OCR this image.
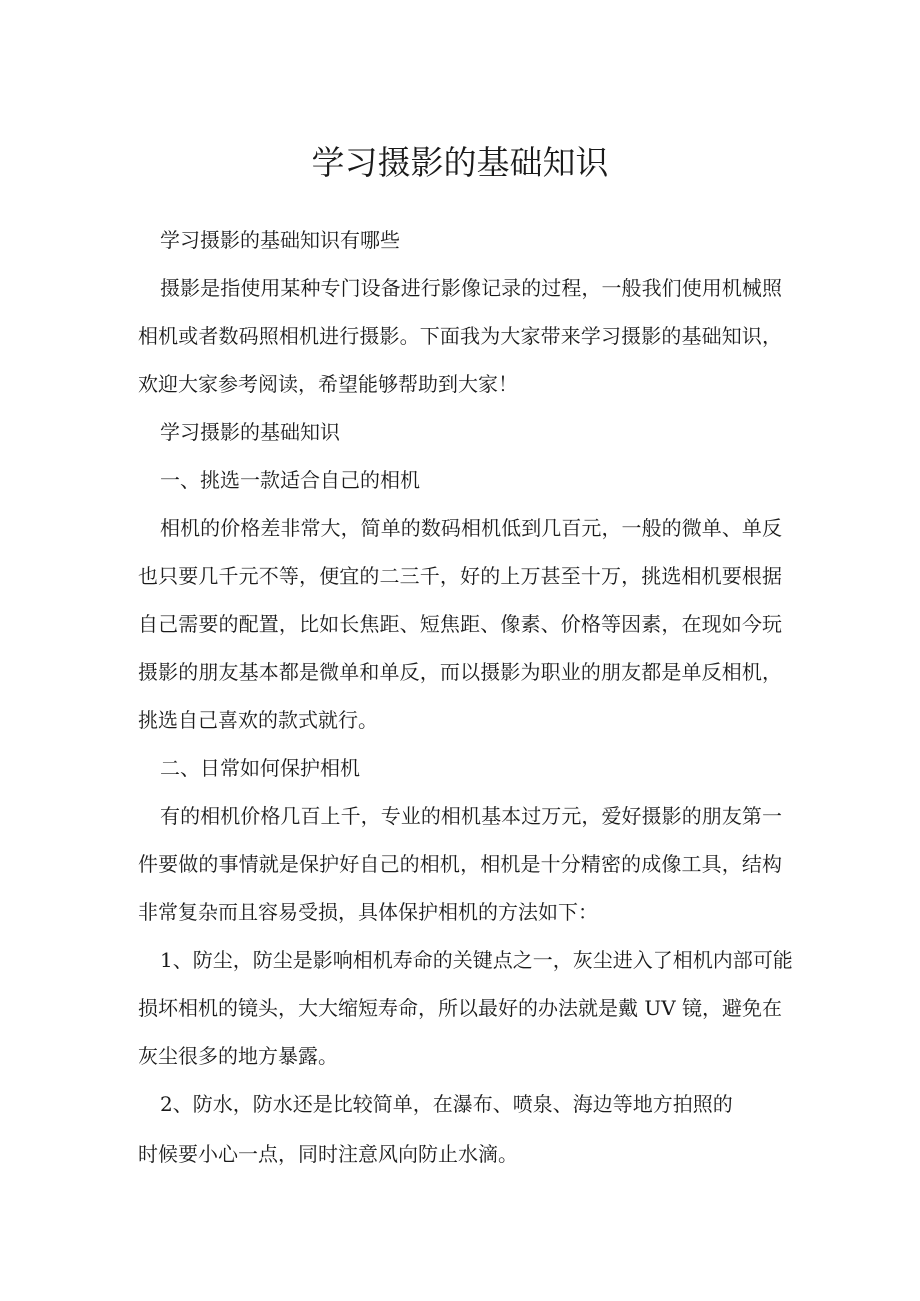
学习摄影的基础知识

学习摄影的基础知识有哪些

摄影是指使用某种专门设备进行影像记录的过程，一般我们使用机械照

相机或者数码照相机进行摄影。下面我为大家带来学习摄影的基础知识，

欢迎大家参考阅读，希望能够帮助到大家！

学习摄影的基础知识

一、挑选一款适合自己的相机

相机的价格差非常大，简单的数码相机低到几百元，一般的微单、单反

也只要几千元不等，便宜的二三千，好的上万甚至十万，挑选相机要根据

自己需要的配置，比如长焦距、短焦距、像素、价格等因素，在现如今玩

摄影的朋友基本都是微单和单反，而以摄影为职业的朋友都是单反相机，

挑选自己喜欢的款式就行。

二、日常如何保护相机

有的相机价格几百上千，专业的相机基本过万元，爱好摄影的朋友第一

件要做的事情就是保护好自己的相机，相机是十分精密的成像工具，结构

非常复杂而且容易受损，具体保护相机的方法如下：

1、防尘，防尘是影响相机寿命的关键点之一，灰尘进入了相机内部可能

损坏相机的镜头，大大缩短寿命，所以最好的办法就是戴 UV 镜，避免在

灰尘很多的地方暴露。

2、防水，防水还是比较简单，在瀑布、喷泉、海边等地方拍照的

时候要小心一点，同时注意风向防止水滴。
